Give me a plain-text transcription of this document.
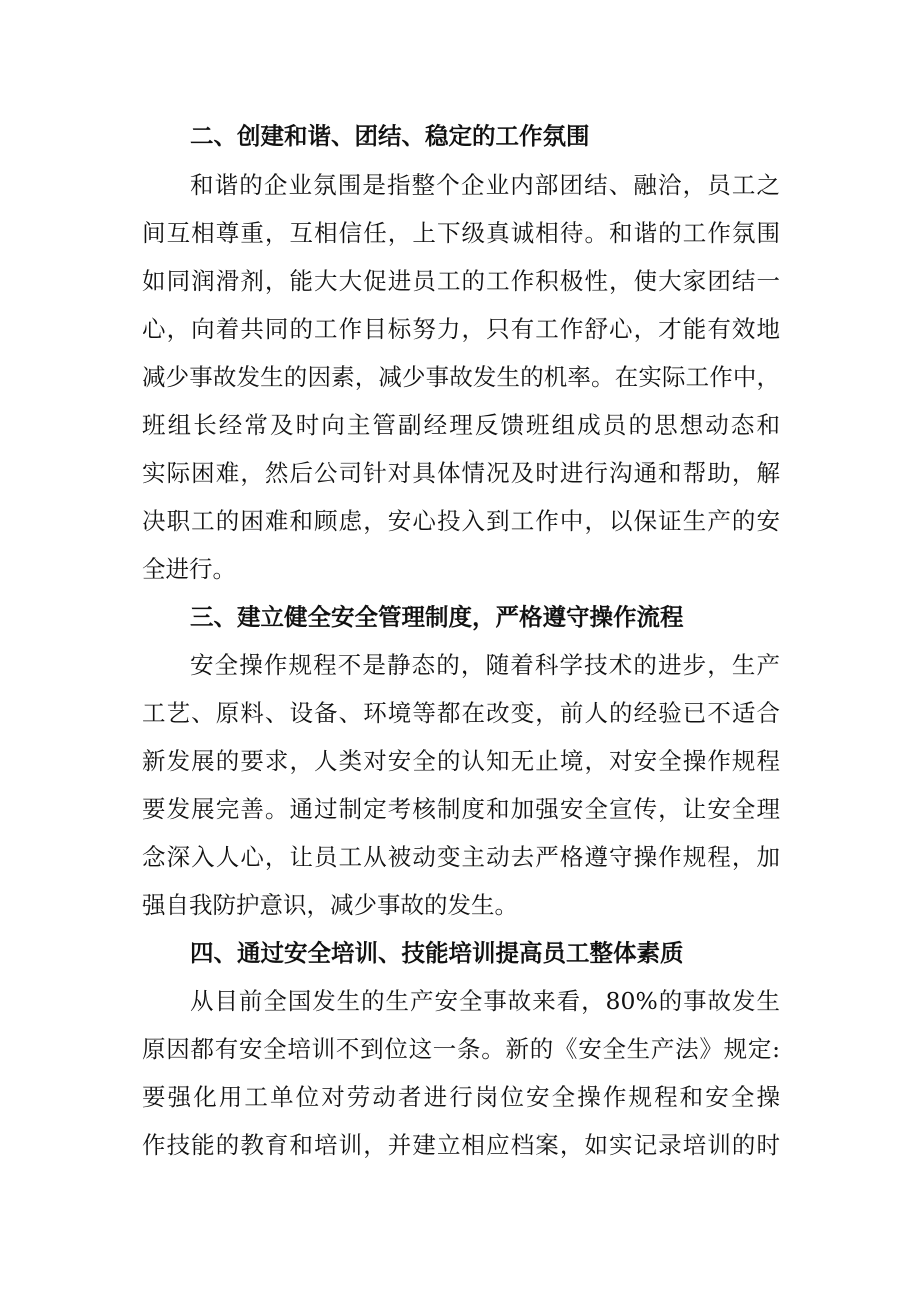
二、创建和谐、团结、稳定的工作氛围
和谐的企业氛围是指整个企业内部团结、融洽，员工之
间互相尊重，互相信任，上下级真诚相待。和谐的工作氛围
如同润滑剂，能大大促进员工的工作积极性，使大家团结一
心，向着共同的工作目标努力，只有工作舒心，才能有效地
减少事故发生的因素，减少事故发生的机率。在实际工作中，
班组长经常及时向主管副经理反馈班组成员的思想动态和
实际困难，然后公司针对具体情况及时进行沟通和帮助，解
决职工的困难和顾虑，安心投入到工作中，以保证生产的安
全进行。
三、建立健全安全管理制度，严格遵守操作流程
安全操作规程不是静态的，随着科学技术的进步，生产
工艺、原料、设备、环境等都在改变，前人的经验已不适合
新发展的要求，人类对安全的认知无止境，对安全操作规程
要发展完善。通过制定考核制度和加强安全宣传，让安全理
念深入人心，让员工从被动变主动去严格遵守操作规程，加
强自我防护意识，减少事故的发生。
四、通过安全培训、技能培训提高员工整体素质
从目前全国发生的生产安全事故来看，80%的事故发生
原因都有安全培训不到位这一条。新的《安全生产法》规定:
要强化用工单位对劳动者进行岗位安全操作规程和安全操
作技能的教育和培训，并建立相应档案，如实记录培训的时
